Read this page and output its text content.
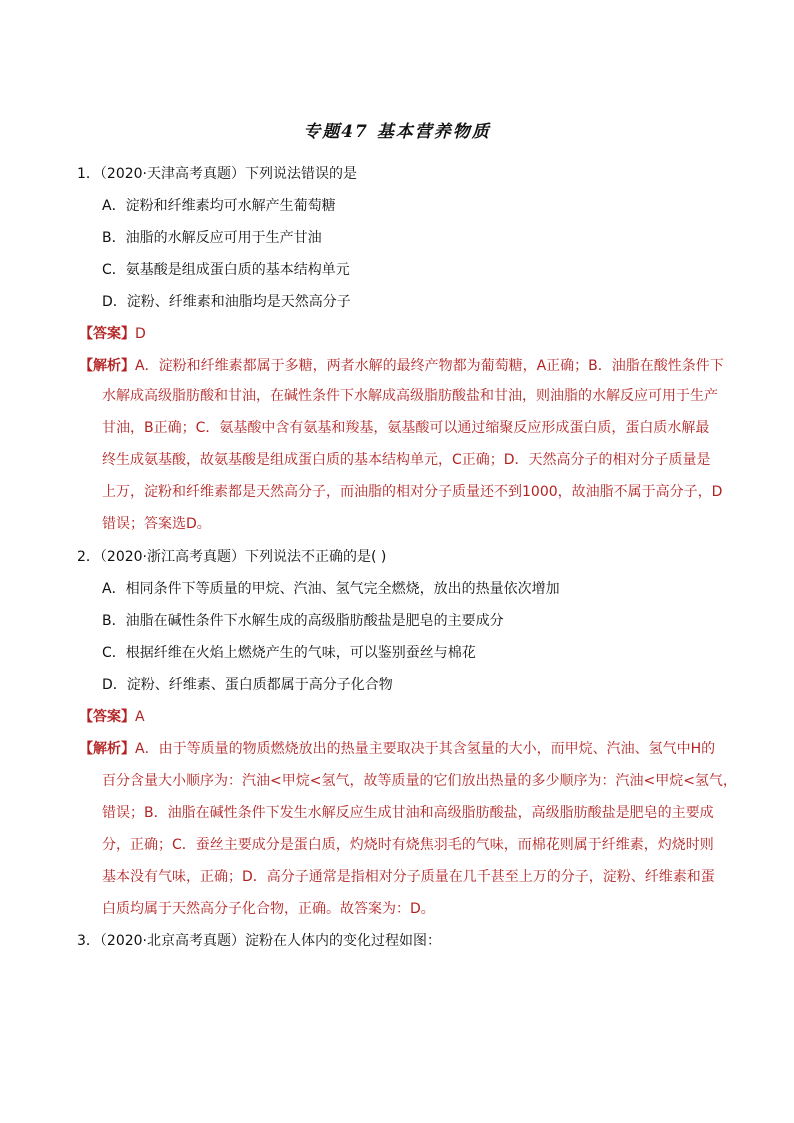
专题47 基本营养物质
1．（2020·天津高考真题）下列说法错误的是
A．淀粉和纤维素均可水解产生葡萄糖
B．油脂的水解反应可用于生产甘油
C．氨基酸是组成蛋白质的基本结构单元
D．淀粉、纤维素和油脂均是天然高分子
【答案】D
【解析】A．淀粉和纤维素都属于多糖，两者水解的最终产物都为葡萄糖，A正确；B．油脂在酸性条件下
水解成高级脂肪酸和甘油，在碱性条件下水解成高级脂肪酸盐和甘油，则油脂的水解反应可用于生产
甘油，B正确；C．氨基酸中含有氨基和羧基，氨基酸可以通过缩聚反应形成蛋白质，蛋白质水解最
终生成氨基酸，故氨基酸是组成蛋白质的基本结构单元，C正确；D．天然高分子的相对分子质量是
上万，淀粉和纤维素都是天然高分子，而油脂的相对分子质量还不到1000，故油脂不属于高分子，D
错误；答案选D。
2．（2020·浙江高考真题）下列说法不正确的是( )
A．相同条件下等质量的甲烷、汽油、氢气完全燃烧，放出的热量依次增加
B．油脂在碱性条件下水解生成的高级脂肪酸盐是肥皂的主要成分
C．根据纤维在火焰上燃烧产生的气味，可以鉴别蚕丝与棉花
D．淀粉、纤维素、蛋白质都属于高分子化合物
【答案】A
【解析】A．由于等质量的物质燃烧放出的热量主要取决于其含氢量的大小，而甲烷、汽油、氢气中H的
百分含量大小顺序为：汽油<甲烷<氢气，故等质量的它们放出热量的多少顺序为：汽油<甲烷<氢气，
错误；B．油脂在碱性条件下发生水解反应生成甘油和高级脂肪酸盐，高级脂肪酸盐是肥皂的主要成
分，正确；C．蚕丝主要成分是蛋白质，灼烧时有烧焦羽毛的气味，而棉花则属于纤维素，灼烧时则
基本没有气味，正确；D．高分子通常是指相对分子质量在几千甚至上万的分子，淀粉、纤维素和蛋
白质均属于天然高分子化合物，正确。故答案为：D。
3．（2020·北京高考真题）淀粉在人体内的变化过程如图：
